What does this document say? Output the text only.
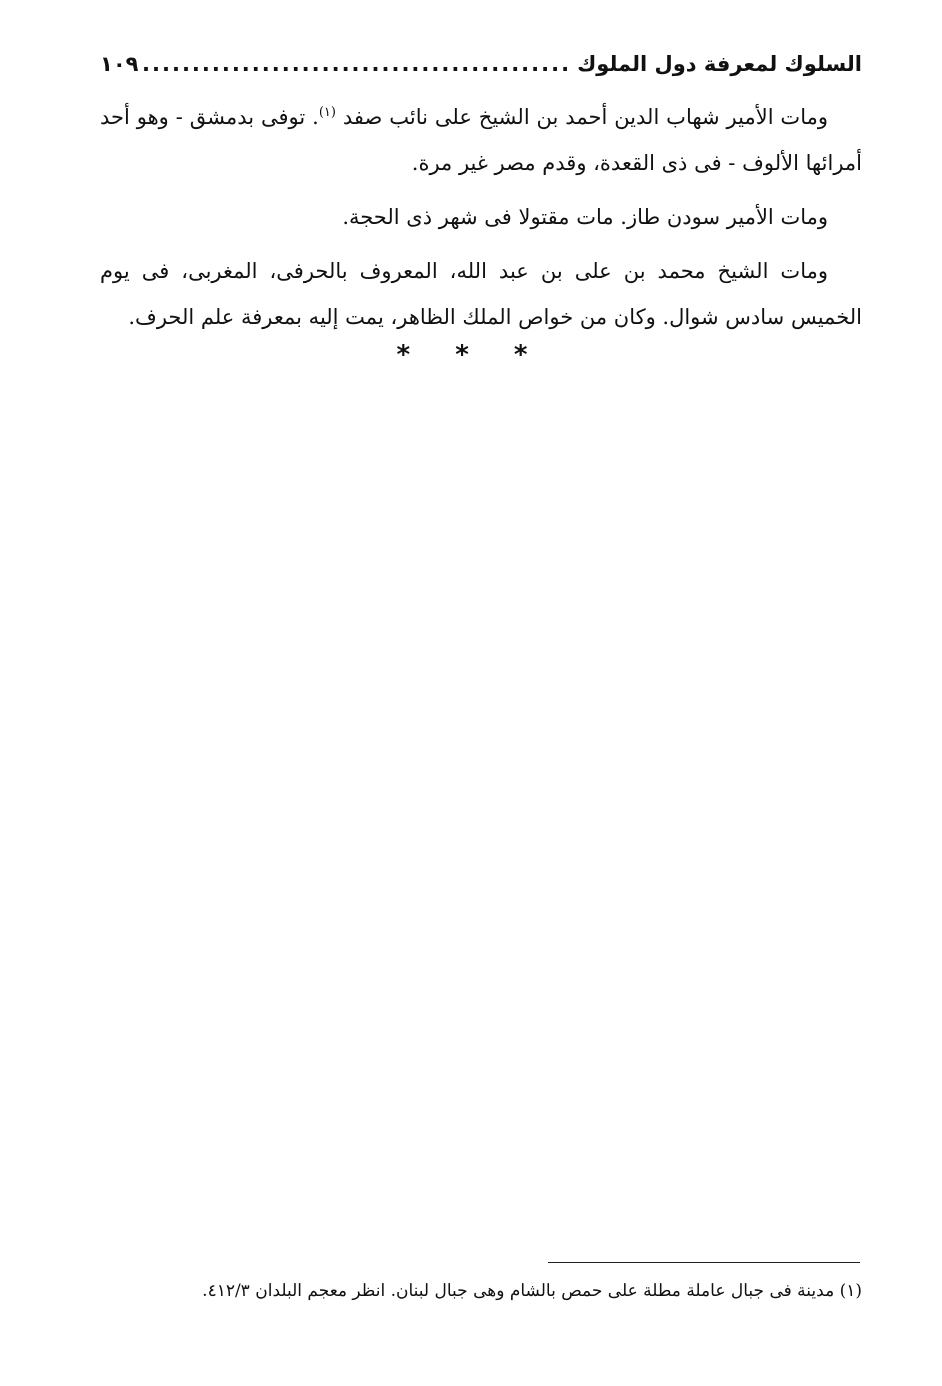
السلوك لمعرفة دول الملوك
.....
١٠٩

ومات الأمير شهاب الدين أحمد بن الشيخ على نائب صفد $^{(١)}$. توفى بدمشق - وهو أحد أمرائها الألوف - فى ذى القعدة، وقدم مصر غير مرة.

ومات الأمير سودن طاز. مات مقتولا فى شهر ذى الحجة.

ومات الشيخ محمد بن على بن عبد الله، المعروف بالحرفى، المغربى، فى يوم الخميس سادس شوال. وكان من خواص الملك الظاهر، يمت إليه بمعرفة علم الحرف.

* * *

(١) مدينة فى جبال عاملة مطلة على حمص بالشام وهى جبال لبنان. انظر معجم البلدان ٤١٢/٣.
